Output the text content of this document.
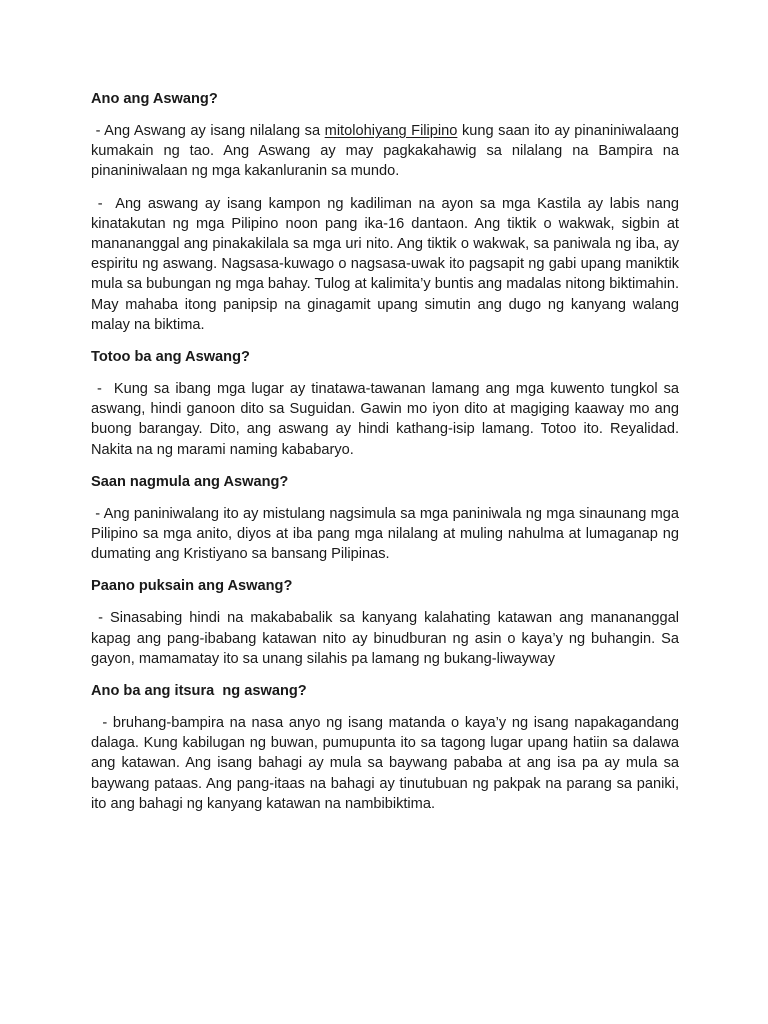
Ano ang Aswang?

- Ang Aswang ay isang nilalang sa mitolohiyang Filipino kung saan ito ay pinaniniwalaang kumakain ng tao. Ang Aswang ay may pagkakahawig sa nilalang na Bampira na pinaniniwalaan ng mga kakanluranin sa mundo.

-  Ang aswang ay isang kampon ng kadiliman na ayon sa mga Kastila ay labis nang kinatakutan ng mga Pilipino noon pang ika-16 dantaon. Ang tiktik o wakwak, sigbin at manananggal ang pinakakilala sa mga uri nito. Ang tiktik o wakwak, sa paniwala ng iba, ay espiritu ng aswang. Nagsasa-kuwago o nagsasa-uwak ito pagsapit ng gabi upang maniktik mula sa bubungan ng mga bahay. Tulog at kalimita’y buntis ang madalas nitong biktimahin. May mahaba itong panipsip na ginagamit upang simutin ang dugo ng kanyang walang malay na biktima.

Totoo ba ang Aswang?

-  Kung sa ibang mga lugar ay tinatawa-tawanan lamang ang mga kuwento tungkol sa aswang, hindi ganoon dito sa Suguidan. Gawin mo iyon dito at magiging kaaway mo ang buong barangay. Dito, ang aswang ay hindi kathang-isip lamang. Totoo ito. Reyalidad. Nakita na ng marami naming kababaryo.

Saan nagmula ang Aswang?

- Ang paniniwalang ito ay mistulang nagsimula sa mga paniniwala ng mga sinaunang mga Pilipino sa mga anito, diyos at iba pang mga nilalang at muling nahulma at lumaganap ng dumating ang Kristiyano sa bansang Pilipinas.

Paano puksain ang Aswang?

- Sinasabing hindi na makababalik sa kanyang kalahating katawan ang manananggal kapag ang pang-ibabang katawan nito ay binudburan ng asin o kaya’y ng buhangin. Sa gayon, mamamatay ito sa unang silahis pa lamang ng bukang-liwayway

Ano ba ang itsura  ng aswang?

- bruhang-bampira na nasa anyo ng isang matanda o kaya’y ng isang napakagandang dalaga. Kung kabilugan ng buwan, pumupunta ito sa tagong lugar upang hatiin sa dalawa ang katawan. Ang isang bahagi ay mula sa baywang pababa at ang isa pa ay mula sa baywang pataas. Ang pang-itaas na bahagi ay tinutubuan ng pakpak na parang sa paniki, ito ang bahagi ng kanyang katawan na nambibiktima.
